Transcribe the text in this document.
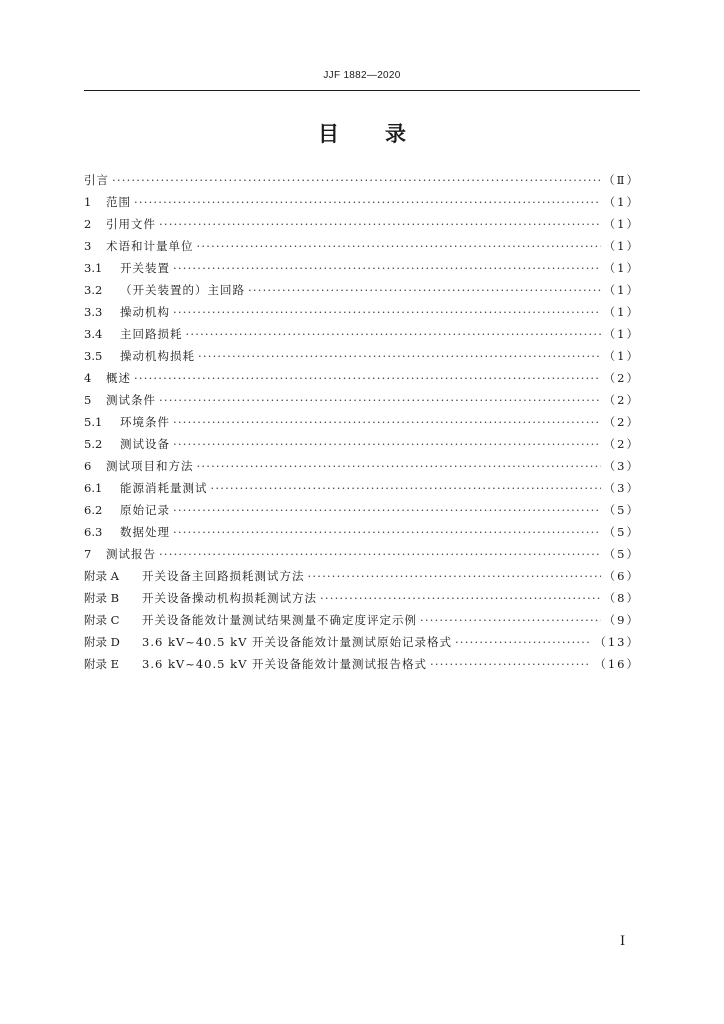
JJF 1882—2020
目录
引言 ·····	（Ⅱ）
1	范围 ·····	（1）
2	引用文件 ·····	（1）
3	术语和计量单位 ·····	（1）
3.1	开关装置 ·····	（1）
3.2	（开关装置的）主回路 ·····	（1）
3.3	操动机构 ·····	（1）
3.4	主回路损耗 ·····	（1）
3.5	操动机构损耗 ·····	（1）
4	概述 ·····	（2）
5	测试条件 ·····	（2）
5.1	环境条件 ·····	（2）
5.2	测试设备 ·····	（2）
6	测试项目和方法 ·····	（3）
6.1	能源消耗量测试 ·····	（3）
6.2	原始记录 ·····	（5）
6.3	数据处理 ·····	（5）
7	测试报告 ·····	（5）
附录 A	开关设备主回路损耗测试方法 ·····	（6）
附录 B	开关设备操动机构损耗测试方法 ·····	（8）
附录 C	开关设备能效计量测试结果测量不确定度评定示例 ·····	（9）
附录 D	3.6 kV~40.5 kV 开关设备能效计量测试原始记录格式 ·····	（13）
附录 E	3.6 kV~40.5 kV 开关设备能效计量测试报告格式 ·····	（16）
I
